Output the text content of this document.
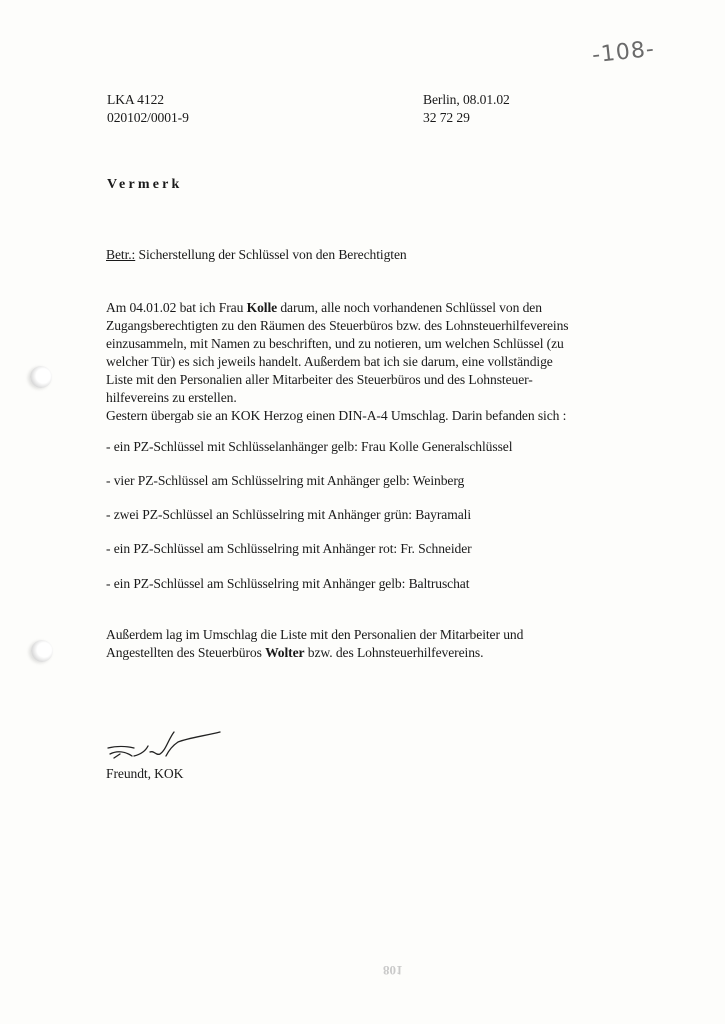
-108-
LKA 4122
020102/0001-9
Berlin, 08.01.02
32 72 29
Vermerk
Betr.: Sicherstellung der Schlüssel von den Berechtigten
Am 04.01.02 bat ich Frau Kolle darum, alle noch vorhandenen Schlüssel von den
Zugangsberechtigten zu den Räumen des Steuerbüros bzw. des Lohnsteuerhilfevereins
einzusammeln, mit Namen zu beschriften, und zu notieren, um welchen Schlüssel (zu
welcher Tür) es sich jeweils handelt. Außerdem bat ich sie darum, eine vollständige
Liste mit den Personalien aller Mitarbeiter des Steuerbüros und des Lohnsteuer-
hilfevereins zu erstellen.
Gestern übergab sie an KOK Herzog einen DIN-A-4 Umschlag. Darin befanden sich :
- ein PZ-Schlüssel mit Schlüsselanhänger gelb: Frau Kolle Generalschlüssel
- vier PZ-Schlüssel am Schlüsselring mit Anhänger gelb: Weinberg
- zwei PZ-Schlüssel an Schlüsselring mit Anhänger grün: Bayramali
- ein PZ-Schlüssel am Schlüsselring mit Anhänger rot: Fr. Schneider
- ein PZ-Schlüssel am Schlüsselring mit Anhänger gelb: Baltruschat
Außerdem lag im Umschlag die Liste mit den Personalien der Mitarbeiter und
Angestellten des Steuerbüros Wolter bzw. des Lohnsteuerhilfevereins.
Freundt, KOK
801
